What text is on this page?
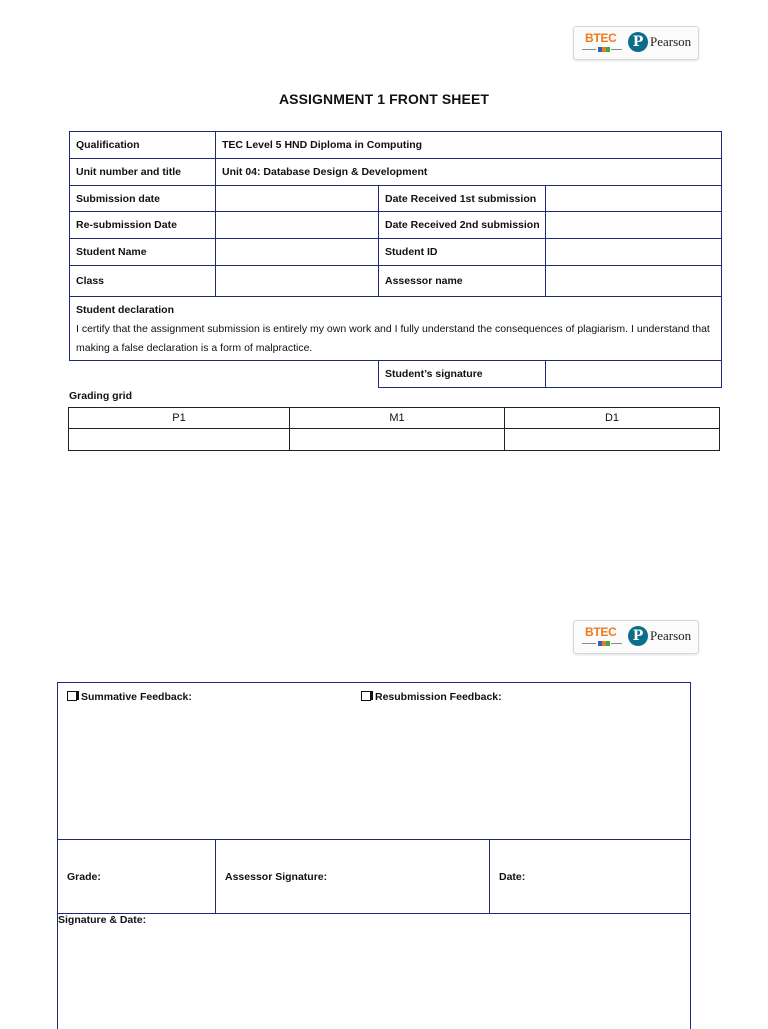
BTEC	P Pearson
ASSIGNMENT 1 FRONT SHEET
Qualification	TEC Level 5 HND Diploma in Computing		
Unit number and title	Unit 04: Database Design & Development		
Submission date		Date Received 1st submission	
Re-submission Date		Date Received 2nd submission	
Student Name		Student ID	
Class		Assessor name	

Student declaration
I certify that the assignment submission is entirely my own work and I fully understand the consequences of plagiarism. I understand that making a false declaration is a form of malpractice.			

		Student’s signature	
Grading grid
P1	M1	D1

BTEC	P Pearson
Summative Feedback:	Resubmission Feedback:

Grade:	Assessor Signature:	Date:
Signature & Date:
